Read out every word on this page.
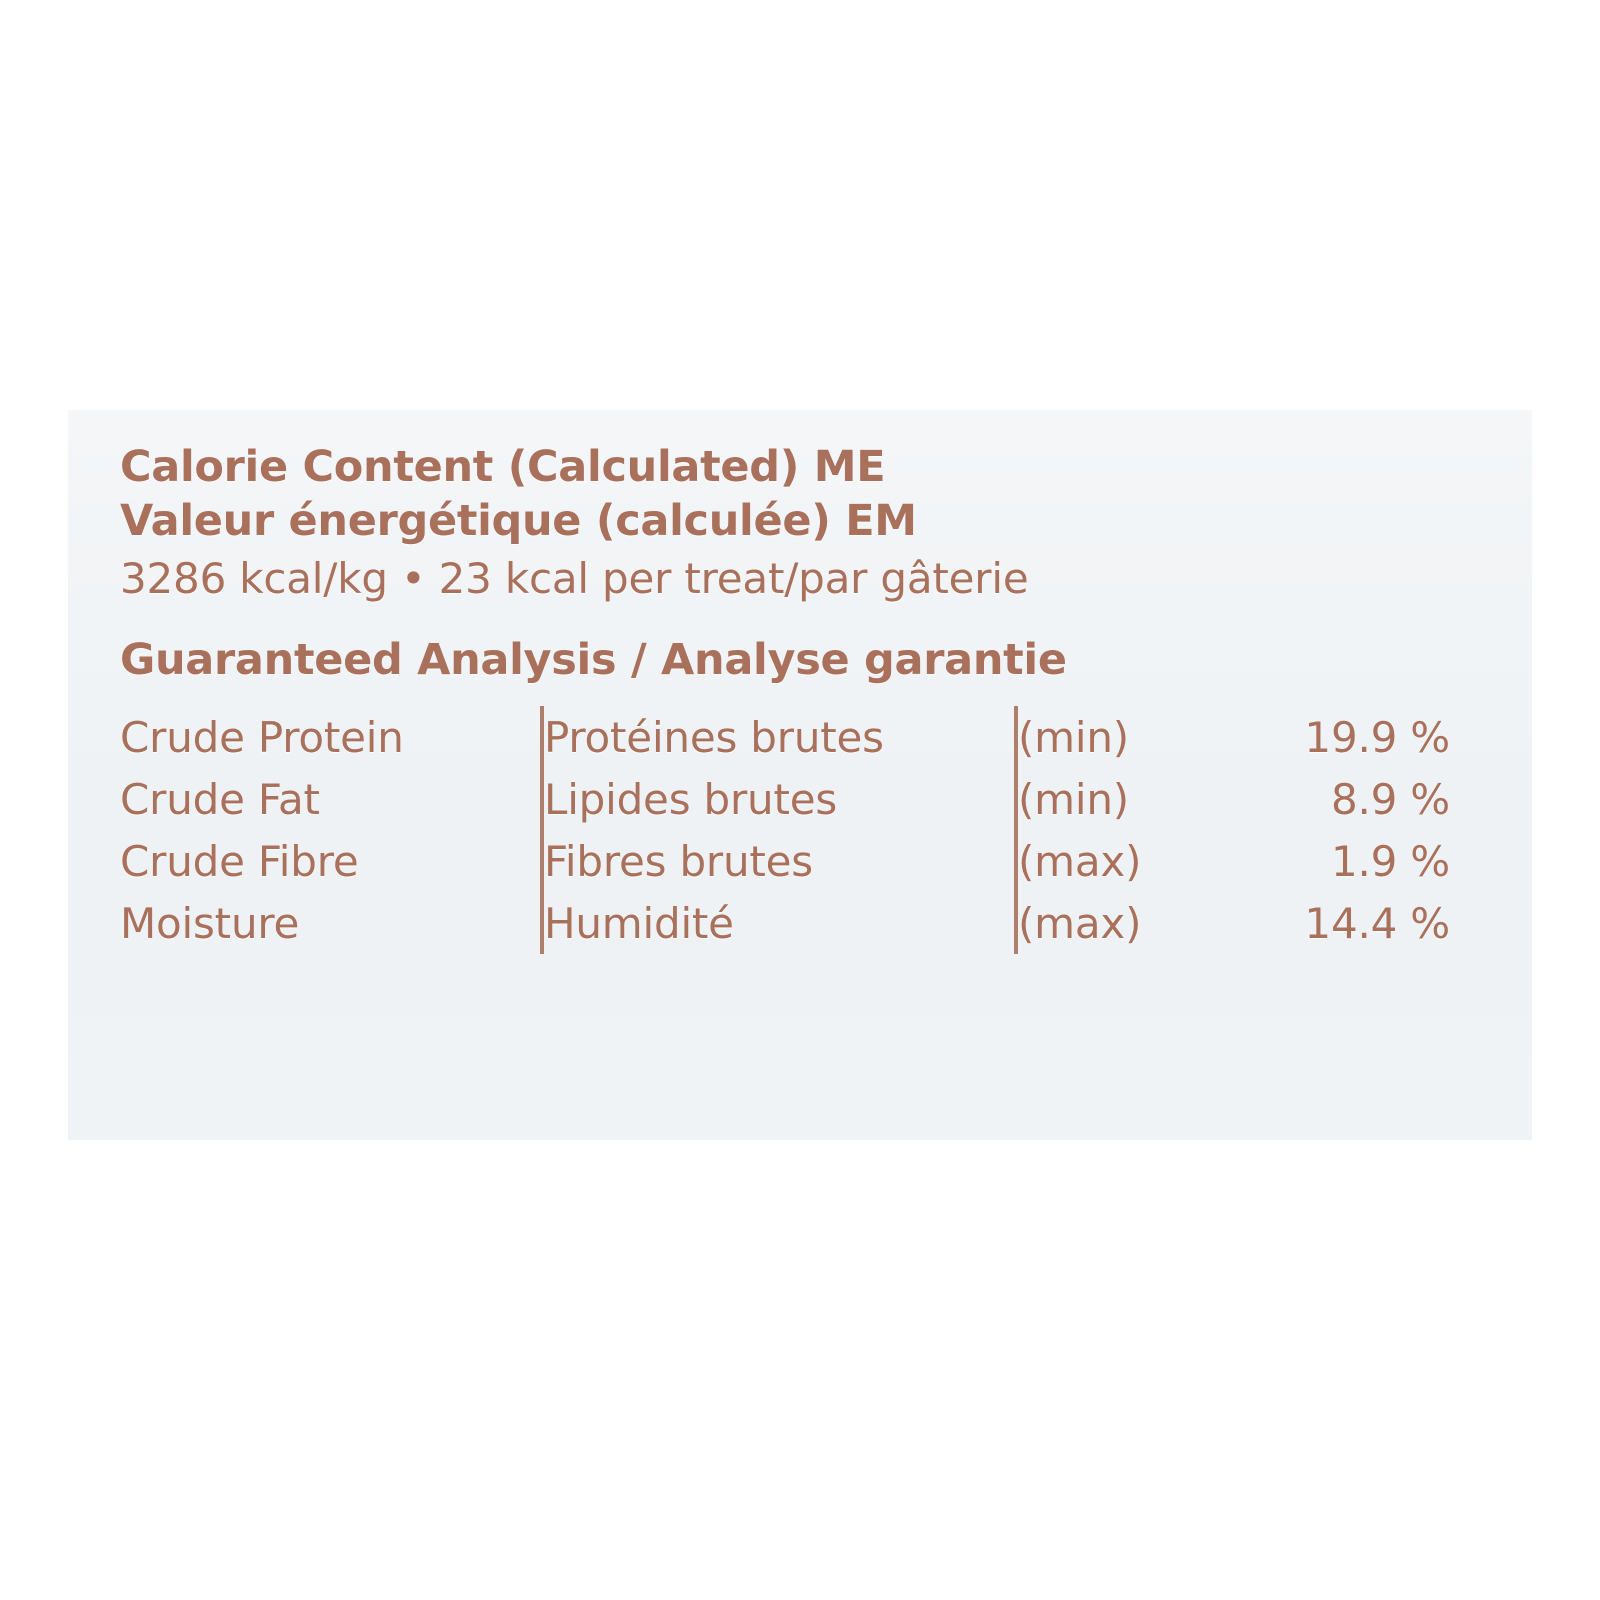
Calorie Content (Calculated) ME
Valeur énergétique (calculée) EM
3286 kcal/kg • 23 kcal per treat/par gâterie
Guaranteed Analysis / Analyse garantie
Crude Protein	Protéines brutes	(min)	19.9 %
Crude Fat	Lipides brutes	(min)	8.9 %
Crude Fibre	Fibres brutes	(max)	1.9 %
Moisture	Humidité	(max)	14.4 %
